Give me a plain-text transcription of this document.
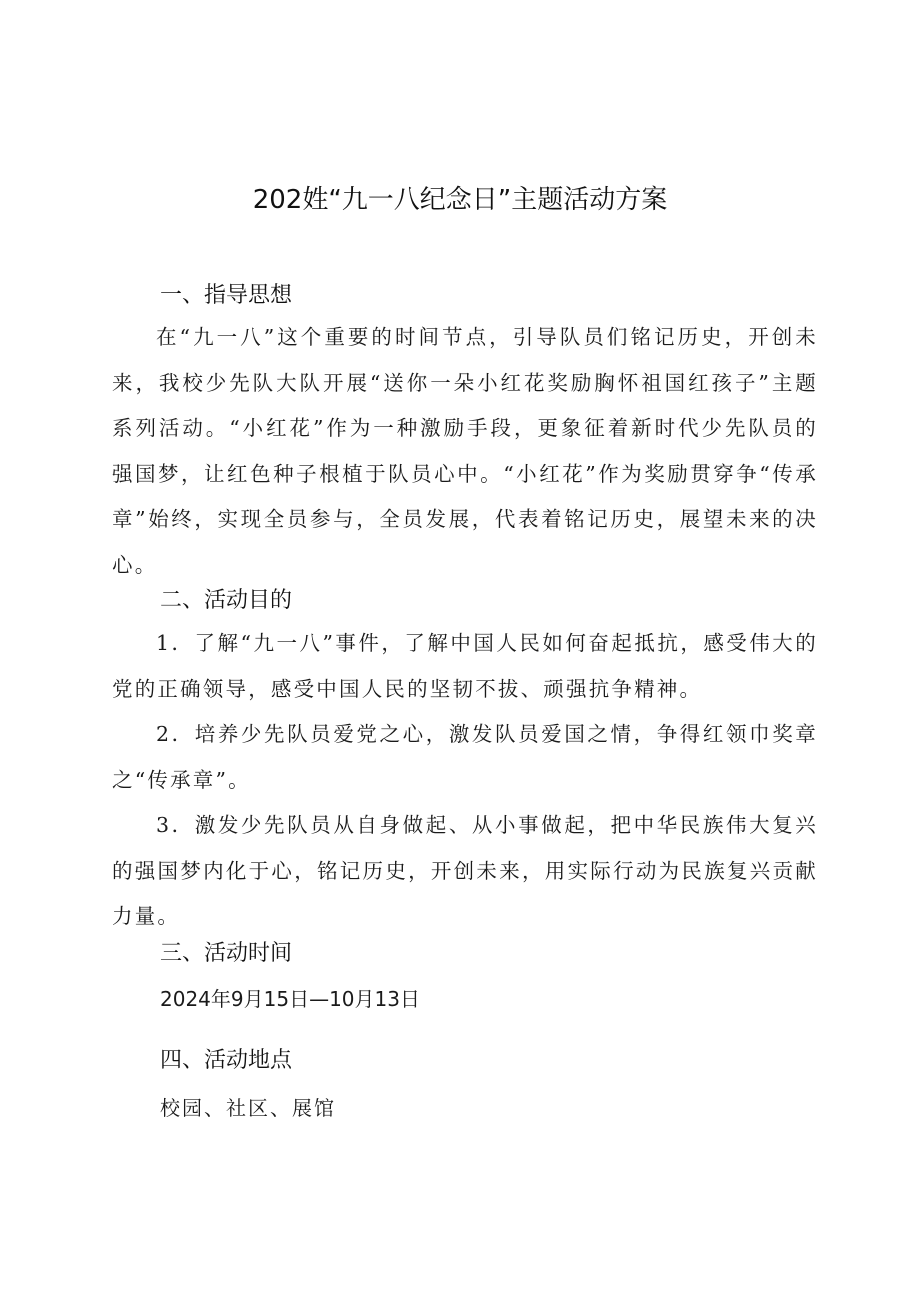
202姓“九一八纪念日”主题活动方案
一、指导思想
在“九一八”这个重要的时间节点，引导队员们铭记历史，开创未来，我校少先队大队开展“送你一朵小红花奖励胸怀祖国红孩子”主题系列活动。“小红花”作为一种激励手段，更象征着新时代少先队员的强国梦，让红色种子根植于队员心中。“小红花”作为奖励贯穿争“传承章”始终，实现全员参与，全员发展，代表着铭记历史，展望未来的决心。
二、活动目的
1．了解“九一八”事件，了解中国人民如何奋起抵抗，感受伟大的党的正确领导，感受中国人民的坚韧不拔、顽强抗争精神。
2．培养少先队员爱党之心，激发队员爱国之情，争得红领巾奖章之“传承章”。
3．激发少先队员从自身做起、从小事做起，把中华民族伟大复兴的强国梦内化于心，铭记历史，开创未来，用实际行动为民族复兴贡献力量。
三、活动时间
2024年9月15日—10月13日
四、活动地点
校园、社区、展馆
